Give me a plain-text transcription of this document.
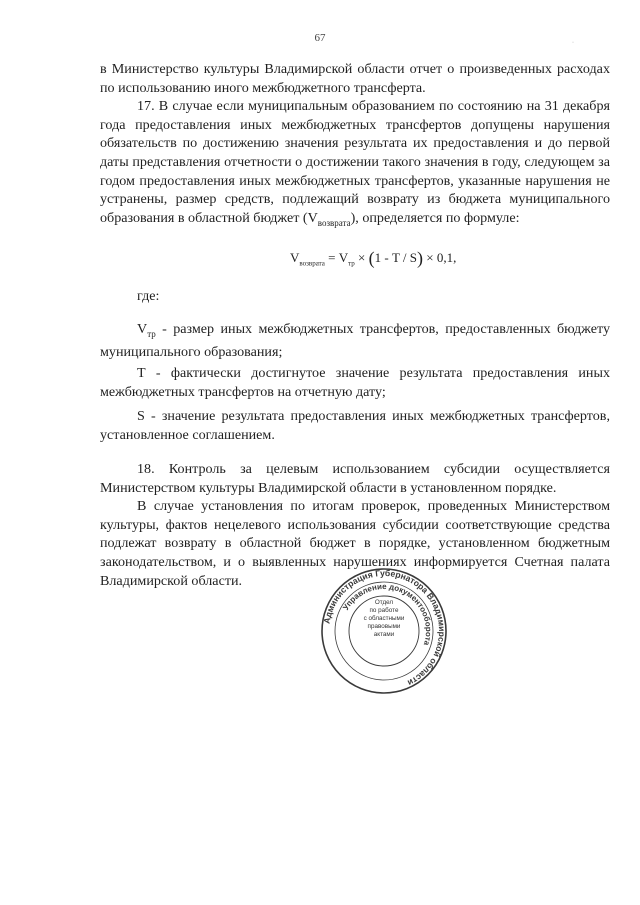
67	·

в Министерство культуры Владимирской области отчет о произведенных расходах по использованию иного межбюджетного трансферта.

17. В случае если муниципальным образованием по состоянию на 31 декабря года предоставления иных межбюджетных трансфертов допущены нарушения обязательств по достижению значения результата их предоставления и до первой даты представления отчетности о достижении такого значения в году, следующем за годом предоставления иных межбюджетных трансфертов, указанные нарушения не устранены, размер средств, подлежащий возврату из бюджета муниципального образования в областной бюджет $(V_{возврата})$, определяется по формуле:

$V_{возврата} = V_{тр} \times (1 - T / S) \times 0,1$,
где:

$V_{тр}$ - размер иных межбюджетных трансфертов, предоставленных бюджету муниципального образования;

Т - фактически достигнутое значение результата предоставления иных межбюджетных трансфертов на отчетную дату;

S - значение результата предоставления иных межбюджетных трансфертов, установленное соглашением.

18. Контроль за целевым использованием субсидии осуществляется Министерством культуры Владимирской области в установленном порядке.

В случае установления по итогам проверок, проведенных Министерством культуры, фактов нецелевого использования субсидии соответствующие средства подлежат возврату в областной бюджет в порядке, установленном бюджетным законодательством, и о выявленных нарушениях информируется Счетная палата Владимирской области.

Администрация Губернатора Владимирской области
Управление документооборота
Отдел
по работе
с областными
правовыми
актами
